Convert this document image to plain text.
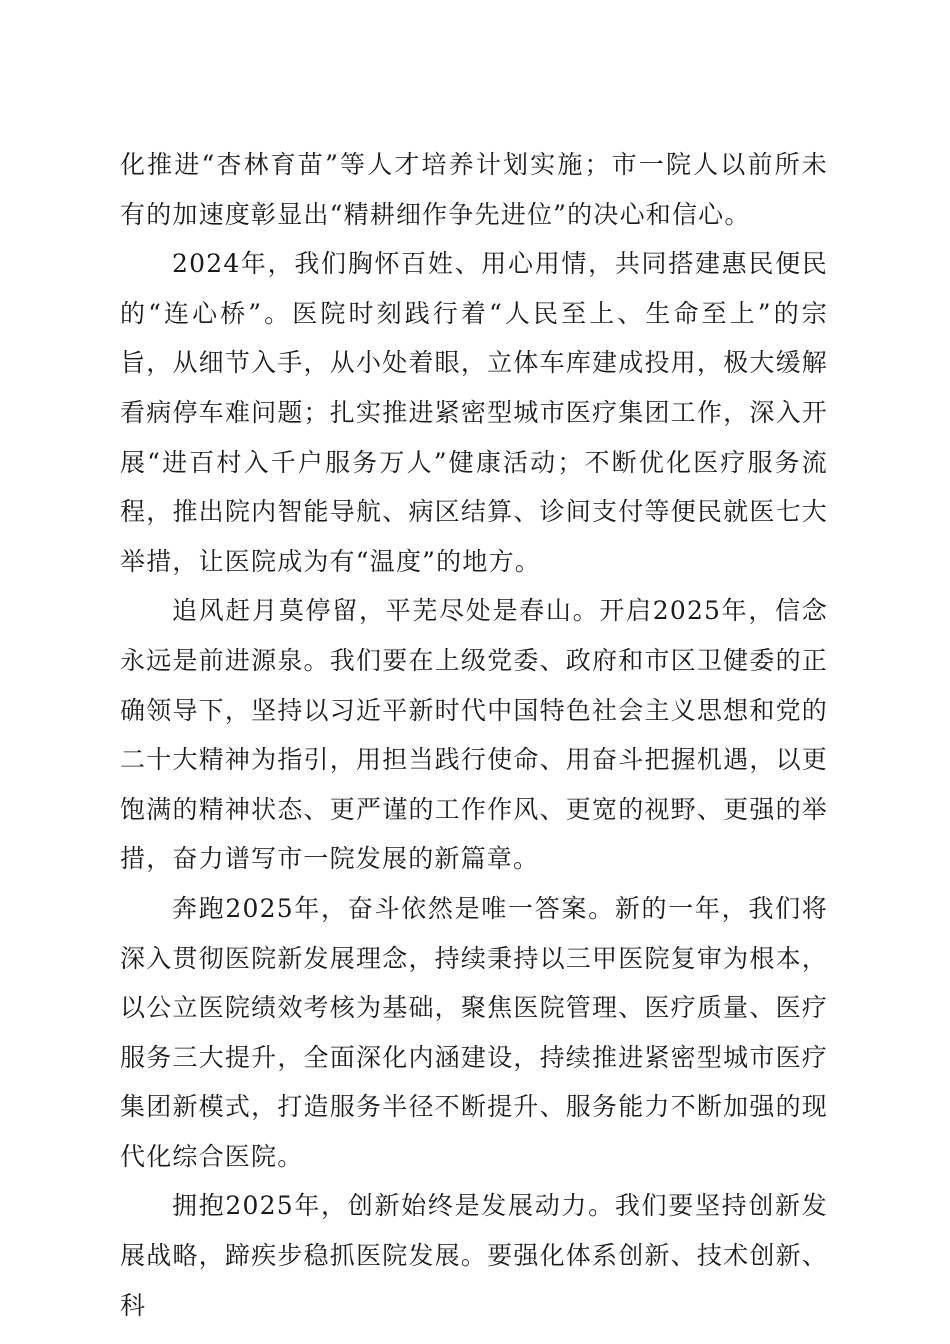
化推进“杏林育苗”等人才培养计划实施；市一院人以前所未有的加速度彰显出“精耕细作争先进位”的决心和信心。

2024年，我们胸怀百姓、用心用情，共同搭建惠民便民的“连心桥”。医院时刻践行着“人民至上、生命至上”的宗旨，从细节入手，从小处着眼，立体车库建成投用，极大缓解看病停车难问题；扎实推进紧密型城市医疗集团工作，深入开展“进百村入千户服务万人”健康活动；不断优化医疗服务流程，推出院内智能导航、病区结算、诊间支付等便民就医七大举措，让医院成为有“温度”的地方。

追风赶月莫停留，平芜尽处是春山。开启2025年，信念永远是前进源泉。我们要在上级党委、政府和市区卫健委的正确领导下，坚持以习近平新时代中国特色社会主义思想和党的二十大精神为指引，用担当践行使命、用奋斗把握机遇，以更饱满的精神状态、更严谨的工作作风、更宽的视野、更强的举措，奋力谱写市一院发展的新篇章。

奔跑2025年，奋斗依然是唯一答案。新的一年，我们将深入贯彻医院新发展理念，持续秉持以三甲医院复审为根本，以公立医院绩效考核为基础，聚焦医院管理、医疗质量、医疗服务三大提升，全面深化内涵建设，持续推进紧密型城市医疗集团新模式，打造服务半径不断提升、服务能力不断加强的现代化综合医院。

拥抱2025年，创新始终是发展动力。我们要坚持创新发展战略，蹄疾步稳抓医院发展。要强化体系创新、技术创新、科
